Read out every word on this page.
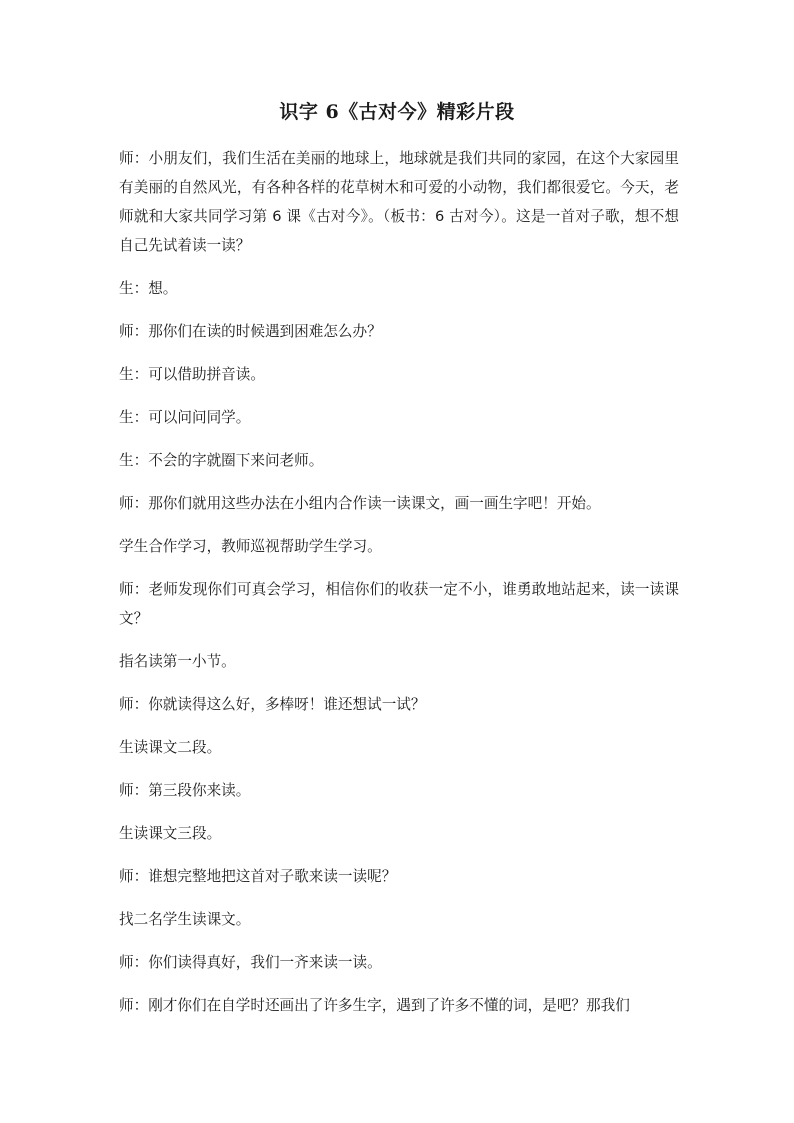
识字 6《古对今》精彩片段

师：小朋友们，我们生活在美丽的地球上，地球就是我们共同的家园，在这个大家园里有美丽的自然风光，有各种各样的花草树木和可爱的小动物，我们都很爱它。今天，老师就和大家共同学习第 6 课《古对今》。（板书：6 古对今）。这是一首对子歌，想不想自己先试着读一读？

生：想。

师：那你们在读的时候遇到困难怎么办？

生：可以借助拼音读。

生：可以问问同学。

生：不会的字就圈下来问老师。

师：那你们就用这些办法在小组内合作读一读课文，画一画生字吧！开始。

学生合作学习，教师巡视帮助学生学习。

师：老师发现你们可真会学习，相信你们的收获一定不小，谁勇敢地站起来，读一读课文？

指名读第一小节。

师：你就读得这么好，多棒呀！谁还想试一试？

生读课文二段。

师：第三段你来读。

生读课文三段。

师：谁想完整地把这首对子歌来读一读呢？

找二名学生读课文。

师：你们读得真好，我们一齐来读一读。

师：刚才你们在自学时还画出了许多生字，遇到了许多不懂的词，是吧？那我们
